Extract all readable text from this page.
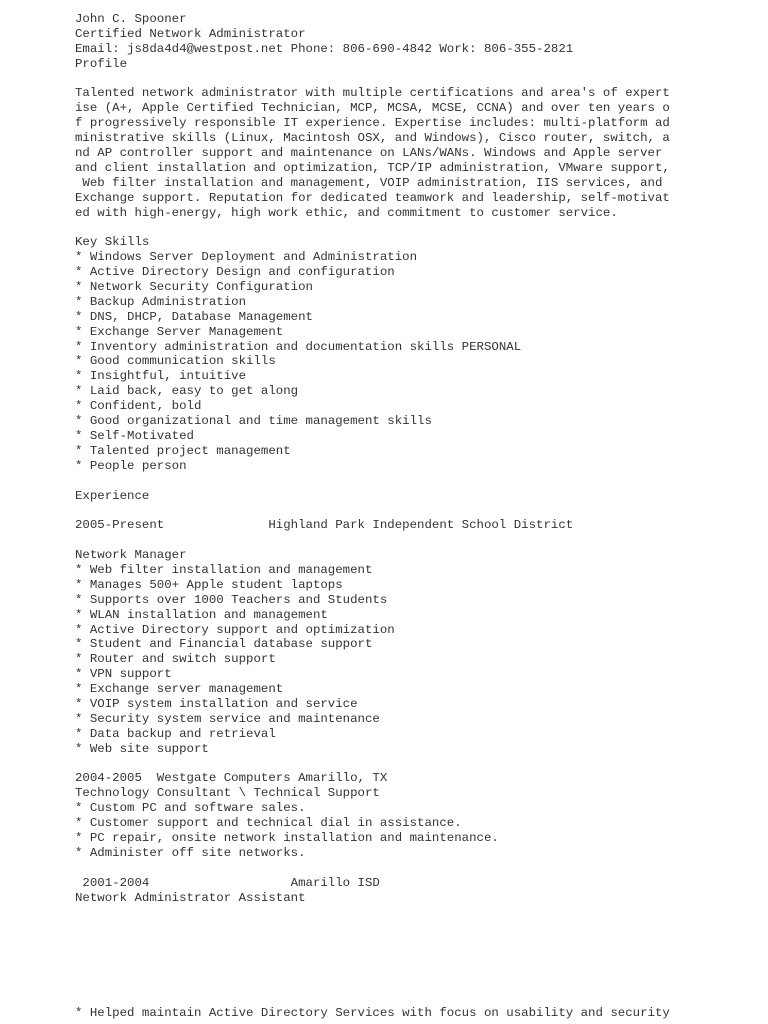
John C. Spooner
Certified Network Administrator
Email: js8da4d4@westpost.net Phone: 806-690-4842 Work: 806-355-2821
Profile
Talented network administrator with multiple certifications and area's of expert
ise (A+, Apple Certified Technician, MCP, MCSA, MCSE, CCNA) and over ten years o
f progressively responsible IT experience. Expertise includes: multi-platform ad
ministrative skills (Linux, Macintosh OSX, and Windows), Cisco router, switch, a
nd AP controller support and maintenance on LANs/WANs. Windows and Apple server
and client installation and optimization, TCP/IP administration, VMware support,
Web filter installation and management, VOIP administration, IIS services, and
Exchange support. Reputation for dedicated teamwork and leadership, self-motivat
ed with high-energy, high work ethic, and commitment to customer service.
Key Skills
* Windows Server Deployment and Administration
* Active Directory Design and configuration
* Network Security Configuration
* Backup Administration
* DNS, DHCP, Database Management
* Exchange Server Management
* Inventory administration and documentation skills PERSONAL
* Good communication skills
* Insightful, intuitive
* Laid back, easy to get along
* Confident, bold
* Good organizational and time management skills
* Self-Motivated
* Talented project management
* People person
Experience
2005-Present              Highland Park Independent School District
Network Manager
* Web filter installation and management
* Manages 500+ Apple student laptops
* Supports over 1000 Teachers and Students
* WLAN installation and management
* Active Directory support and optimization
* Student and Financial database support
* Router and switch support
* VPN support
* Exchange server management
* VOIP system installation and service
* Security system service and maintenance
* Data backup and retrieval
* Web site support
2004-2005  Westgate Computers Amarillo, TX
Technology Consultant \ Technical Support
* Custom PC and software sales.
* Customer support and technical dial in assistance.
* PC repair, onsite network installation and maintenance.
* Administer off site networks.
2001-2004                   Amarillo ISD
Network Administrator Assistant
* Helped maintain Active Directory Services with focus on usability and security
